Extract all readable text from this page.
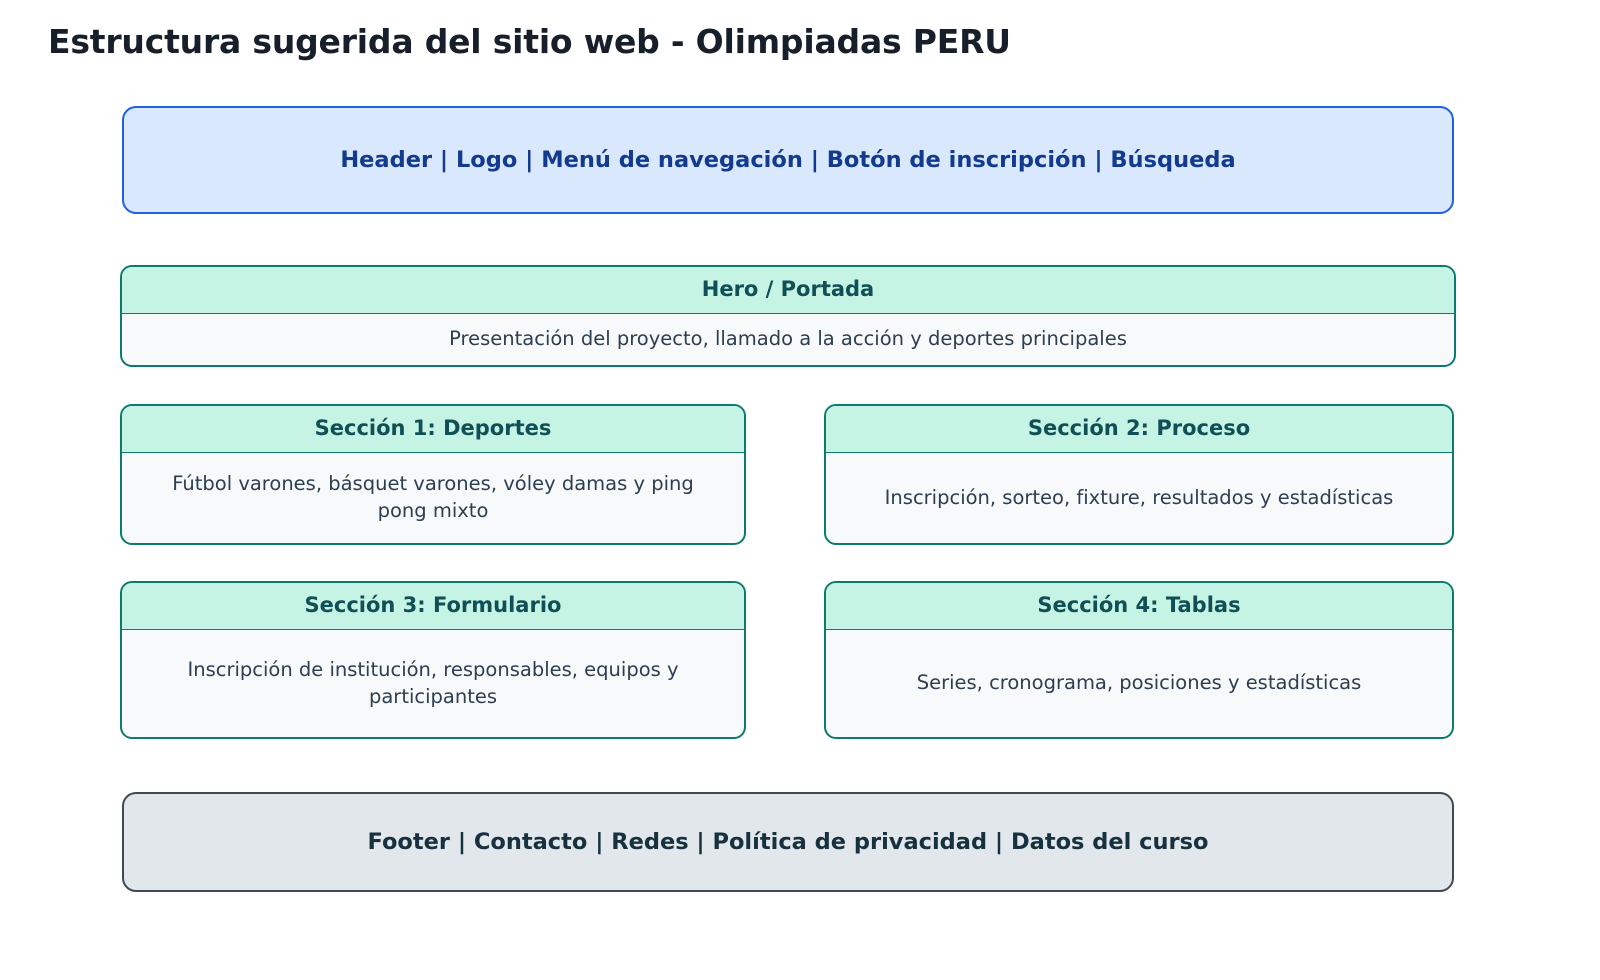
Estructura sugerida del sitio web - Olimpiadas PERU
Header | Logo | Menú de navegación | Botón de inscripción | Búsqueda
Hero / Portada
Presentación del proyecto, llamado a la acción y deportes principales
Sección 1: Deportes
Fútbol varones, básquet varones, vóley damas y ping pong mixto
Sección 2: Proceso
Inscripción, sorteo, fixture, resultados y estadísticas
Sección 3: Formulario
Inscripción de institución, responsables, equipos y participantes
Sección 4: Tablas
Series, cronograma, posiciones y estadísticas
Footer | Contacto | Redes | Política de privacidad | Datos del curso
